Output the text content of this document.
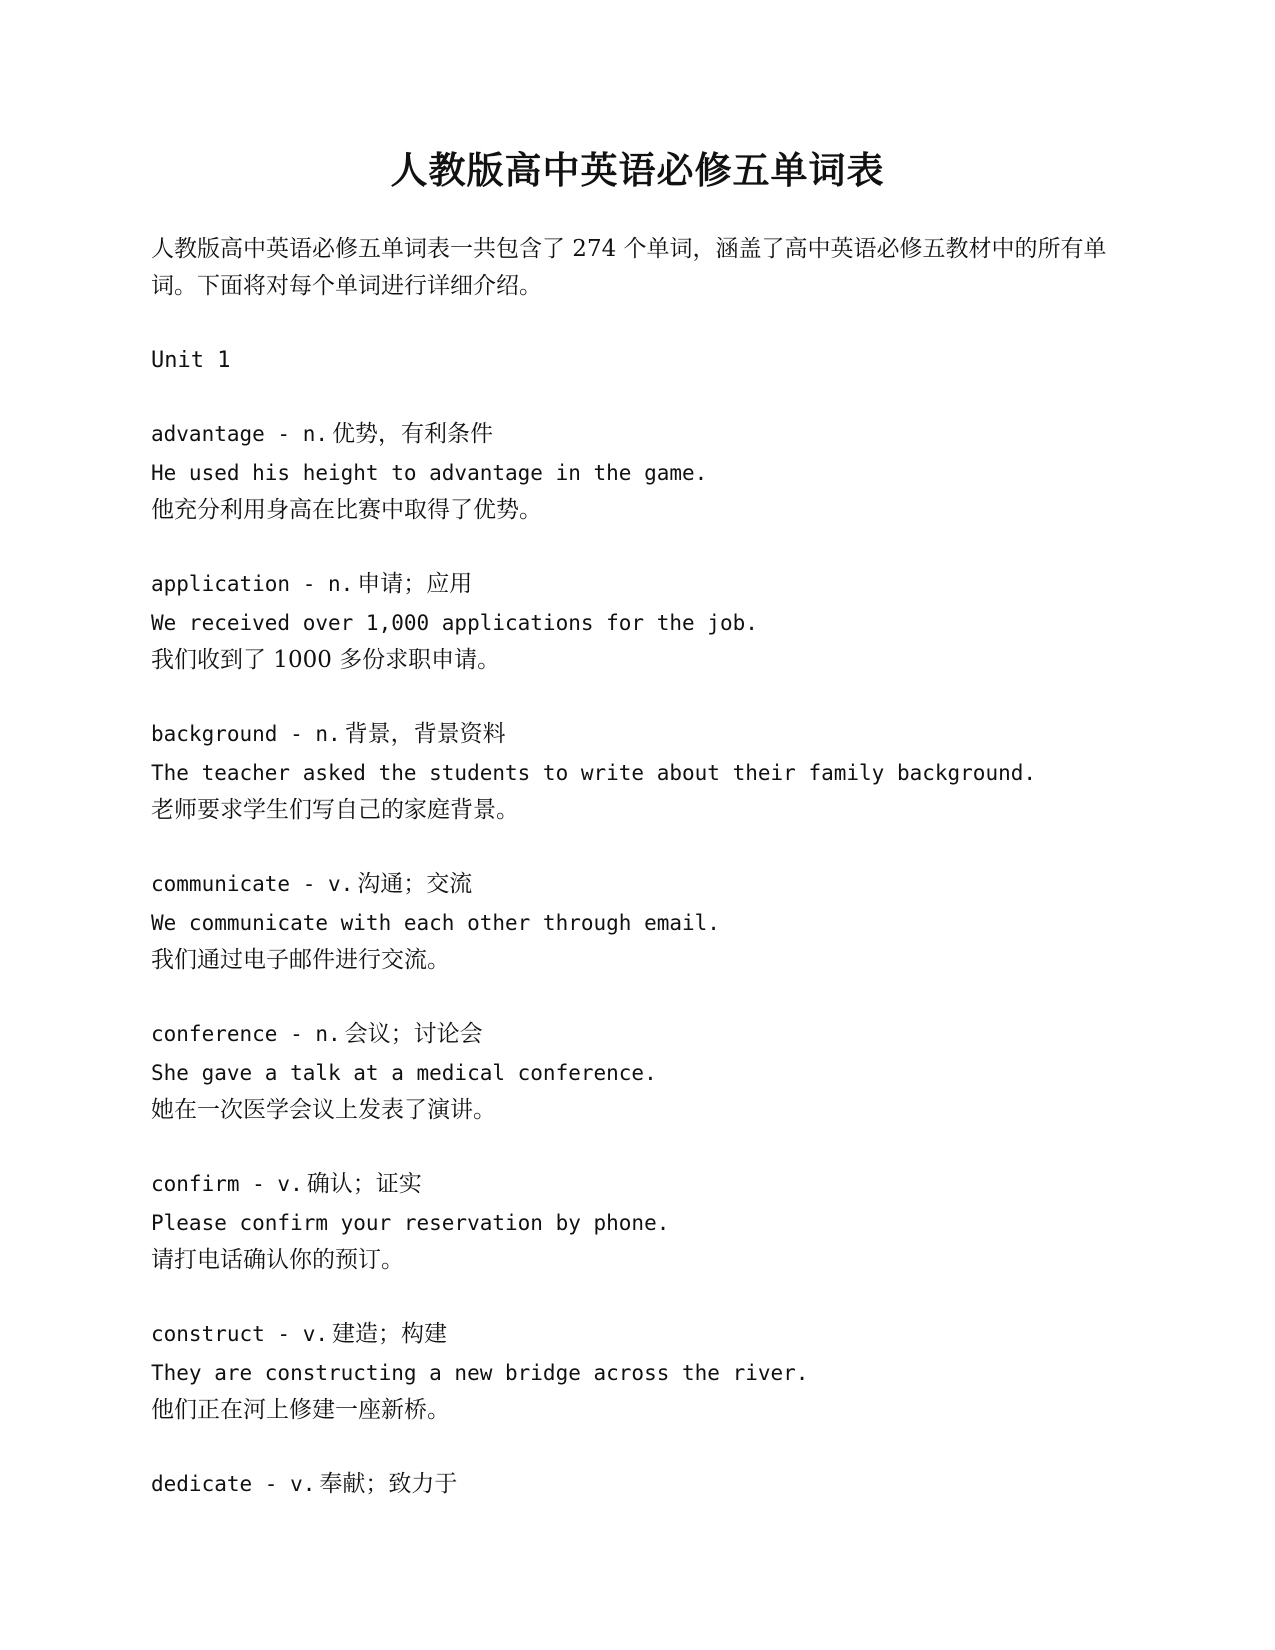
人教版高中英语必修五单词表

人教版高中英语必修五单词表一共包含了 274 个单词，涵盖了高中英语必修五教材中的所有单词。下面将对每个单词进行详细介绍。

Unit 1
advantage - n. 优势，有利条件
He used his height to advantage in the game.
他充分利用身高在比赛中取得了优势。
application - n. 申请；应用
We received over 1,000 applications for the job.
我们收到了 1000 多份求职申请。
background - n. 背景，背景资料
The teacher asked the students to write about their family background.
老师要求学生们写自己的家庭背景。
communicate - v. 沟通；交流
We communicate with each other through email.
我们通过电子邮件进行交流。
conference - n. 会议；讨论会
She gave a talk at a medical conference.
她在一次医学会议上发表了演讲。
confirm - v. 确认；证实
Please confirm your reservation by phone.
请打电话确认你的预订。
construct - v. 建造；构建
They are constructing a new bridge across the river.
他们正在河上修建一座新桥。
dedicate - v. 奉献；致力于
